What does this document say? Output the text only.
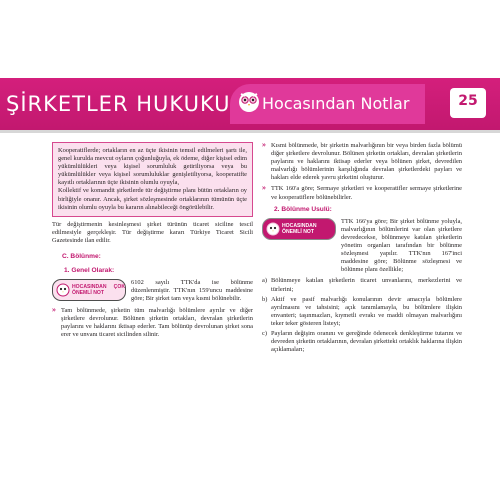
ŞİRKETLER HUKUKU Hocasından Notlar	25

Kooperatiflerde; ortakların en az üçte ikisinin temsil edilmeleri şartı ile, genel kurulda mevcut oyların çoğunluğuyla, ek ödeme, diğer kişisel edim yükümlülükleri veya kişisel sorumluluk getiriliyorsa veya bu yükümlülükler veya kişisel sorumluluklar genişletiliyorsa, kooperatifte kayıtlı ortaklarının üçte ikisinin olumlu oyuyla,

Kollektif ve komandit şirketlerde tür değiştirme planı bütün ortakların oy birliğiyle onanır. Ancak, şirket sözleşmesinde ortaklarının tümünün üçte ikisinin olumlu oyuyla bu kararın alınabileceği öngörülebilir.

Tür değiştirmenin kesinleşmesi şirket türünün ticaret siciline tescil edilmesiyle gerçekleşir. Tür değiştirme kararı Türkiye Ticaret Sicili Gazetesinde ilan edilir.

C. Bölünme:
1. Genel Olarak:
HOCASINDAN ÇOK ÖNEMLİ NOT
6102 sayılı TTK'da ise bölünme düzenlenmiştir. TTK'nın 159'uncu maddesine göre; Bir şirket tam veya kısmi bölünebilir.
» Tam bölünmede, şirketin tüm malvarlığı bölümlere ayrılır ve diğer şirketlere devrolunur. Bölünen şirketin ortakları, devralan şirketlerin paylarını ve haklarını iktisap ederler. Tam bölünüp devrolunan şirket sona erer ve unvanı ticaret sicilinden silinir.
» Kısmi bölünmede, bir şirketin malvarlığının bir veya birden fazla bölümü diğer şirketlere devrolunur. Bölünen şirketin ortakları, devralan şirketlerin paylarını ve haklarını iktisap ederler veya bölünen şirket, devredilen malvarlığı bölümlerinin karşılığında devralan şirketlerdeki payları ve hakları elde ederek yavru şirketini oluşturur.
» TTK 160'a göre; Sermaye şirketleri ve kooperatifler sermaye şirketlerine ve kooperatiflere bölünebilirler.
2. Bölünme Usulü:
HOCASINDAN ÖNEMLİ NOT
TTK 166'ya göre; Bir şirket bölünme yoluyla, malvarlığının bölümlerini var olan şirketlere devredecekse, bölünmeye katılan şirketlerin yönetim organları tarafından bir bölünme sözleşmesi yapılır. TTK'nın 167'inci maddesine göre; Bölünme sözleşmesi ve bölünme planı özellikle;
a) Bölünmeye katılan şirketlerin ticaret unvanlarını, merkezlerini ve türlerini;
b) Aktif ve pasif malvarlığı konularının devir amacıyla bölümlere ayrılmasını ve tahsisini; açık tanımlamayla, bu bölümlere ilişkin envanteri; taşınmazları, kıymetli evrakı ve maddi olmayan malvarlığını teker teker gösteren listeyi;
c) Payların değişim oranını ve gereğinde ödenecek denkleştirme tutarını ve devreden şirketin ortaklarının, devralan şirketteki ortaklık haklarına ilişkin açıklamaları;
